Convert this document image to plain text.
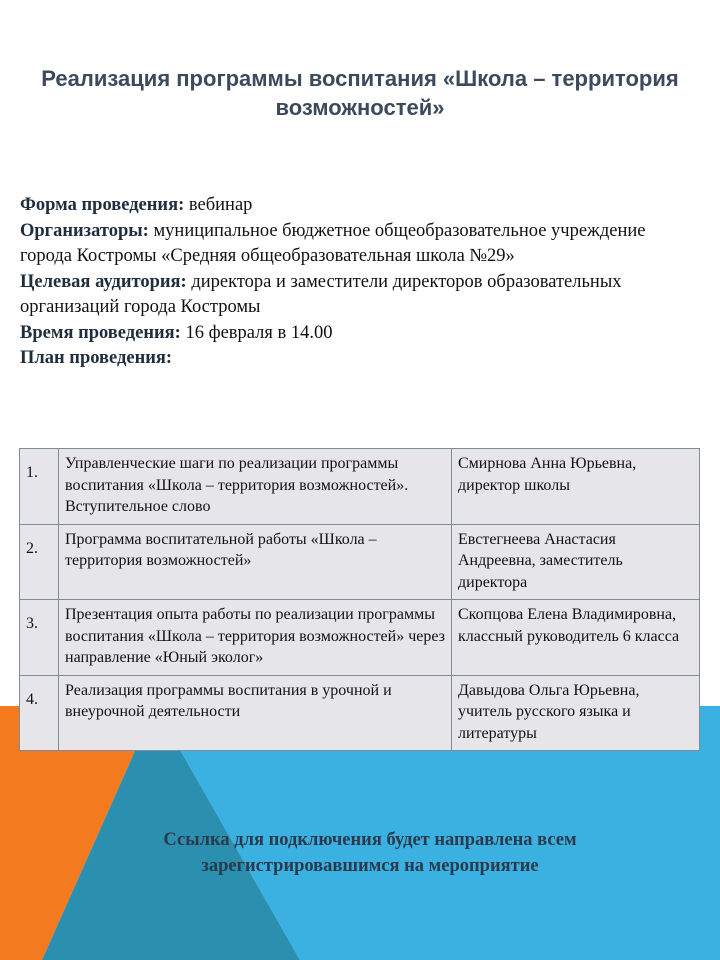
Реализация программы воспитания «Школа – территория возможностей»

Форма проведения: вебинар

Организаторы: муниципальное бюджетное общеобразовательное учреждение города Костромы «Средняя общеобразовательная школа №29»

Целевая аудитория: директора и заместители директоров образовательных организаций города Костромы

Время проведения: 16 февраля в 14.00

План проведения:

1.	Управленческие шаги по реализации программы воспитания «Школа – территория возможностей». Вступительное слово	Смирнова Анна Юрьевна, директор школы
2.	Программа воспитательной работы «Школа – территория возможностей»	Евстегнеева Анастасия Андреевна, заместитель директора
3.	Презентация опыта работы по реализации программы воспитания «Школа – территория возможностей» через направление «Юный эколог»	Скопцова Елена Владимировна, классный руководитель 6 класса
4.	Реализация программы воспитания в урочной и внеурочной деятельности	Давыдова Ольга Юрьевна, учитель русского языка и литературы
Ссылка для подключения будет направлена всем зарегистрировавшимся на мероприятие
